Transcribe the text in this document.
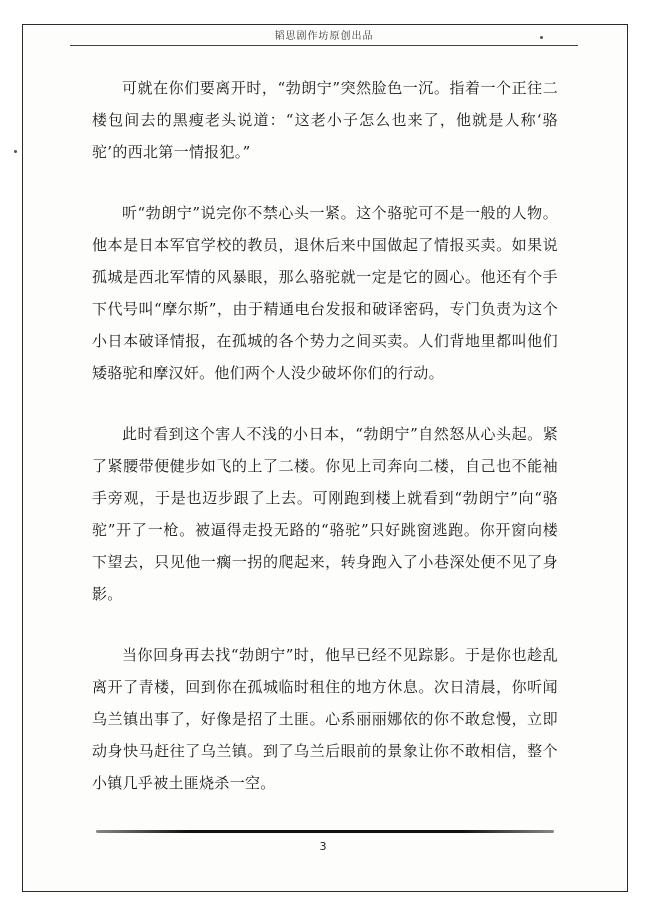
韬思剧作坊原创出品

可就在你们要离开时，“勃朗宁”突然脸色一沉。指着一个正往二楼包间去的黑瘦老头说道：“这老小子怎么也来了，他就是人称‘骆驼’的西北第一情报犯。”

听“勃朗宁”说完你不禁心头一紧。这个骆驼可不是一般的人物。他本是日本军官学校的教员，退休后来中国做起了情报买卖。如果说孤城是西北军情的风暴眼，那么骆驼就一定是它的圆心。他还有个手下代号叫“摩尔斯”，由于精通电台发报和破译密码，专门负责为这个小日本破译情报，在孤城的各个势力之间买卖。人们背地里都叫他们矮骆驼和摩汉奸。他们两个人没少破坏你们的行动。

此时看到这个害人不浅的小日本，“勃朗宁”自然怒从心头起。紧了紧腰带便健步如飞的上了二楼。你见上司奔向二楼，自己也不能袖手旁观，于是也迈步跟了上去。可刚跑到楼上就看到“勃朗宁”向“骆驼”开了一枪。被逼得走投无路的“骆驼”只好跳窗逃跑。你开窗向楼下望去，只见他一瘸一拐的爬起来，转身跑入了小巷深处便不见了身影。

当你回身再去找“勃朗宁”时，他早已经不见踪影。于是你也趁乱离开了青楼，回到你在孤城临时租住的地方休息。次日清晨，你听闻乌兰镇出事了，好像是招了土匪。心系丽丽娜依的你不敢怠慢，立即动身快马赶往了乌兰镇。到了乌兰后眼前的景象让你不敢相信，整个小镇几乎被土匪烧杀一空。

3
